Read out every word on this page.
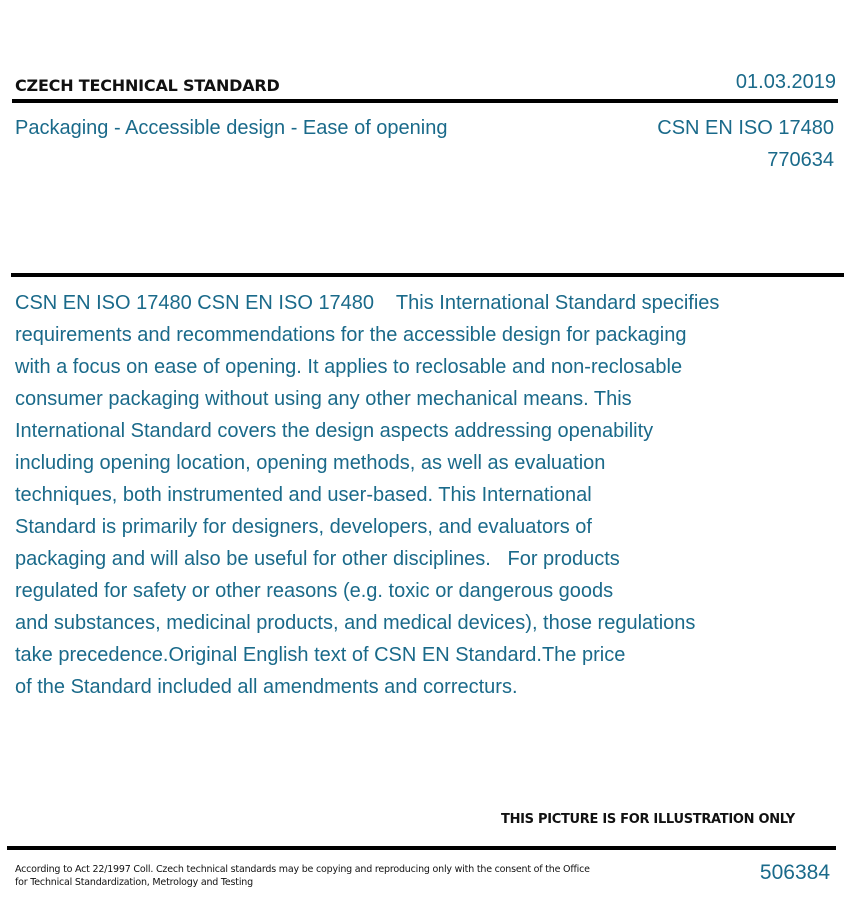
CZECH TECHNICAL STANDARD	01.03.2019
Packaging - Accessible design - Ease of opening	CSN EN ISO 17480
770634
CSN EN ISO 17480 CSN EN ISO 17480    This International Standard specifies
requirements and recommendations for the accessible design for packaging
with a focus on ease of opening. It applies to reclosable and non-reclosable
consumer packaging without using any other mechanical means. This
International Standard covers the design aspects addressing openability
including opening location, opening methods, as well as evaluation
techniques, both instrumented and user-based. This International
Standard is primarily for designers, developers, and evaluators of
packaging and will also be useful for other disciplines.   For products
regulated for safety or other reasons (e.g. toxic or dangerous goods
and substances, medicinal products, and medical devices), those regulations
take precedence.Original English text of CSN EN Standard.The price
of the Standard included all amendments and correcturs.
THIS PICTURE IS FOR ILLUSTRATION ONLY
According to Act 22/1997 Coll. Czech technical standards may be copying and reproducing only with the consent of the Office
for Technical Standardization, Metrology and Testing	506384
